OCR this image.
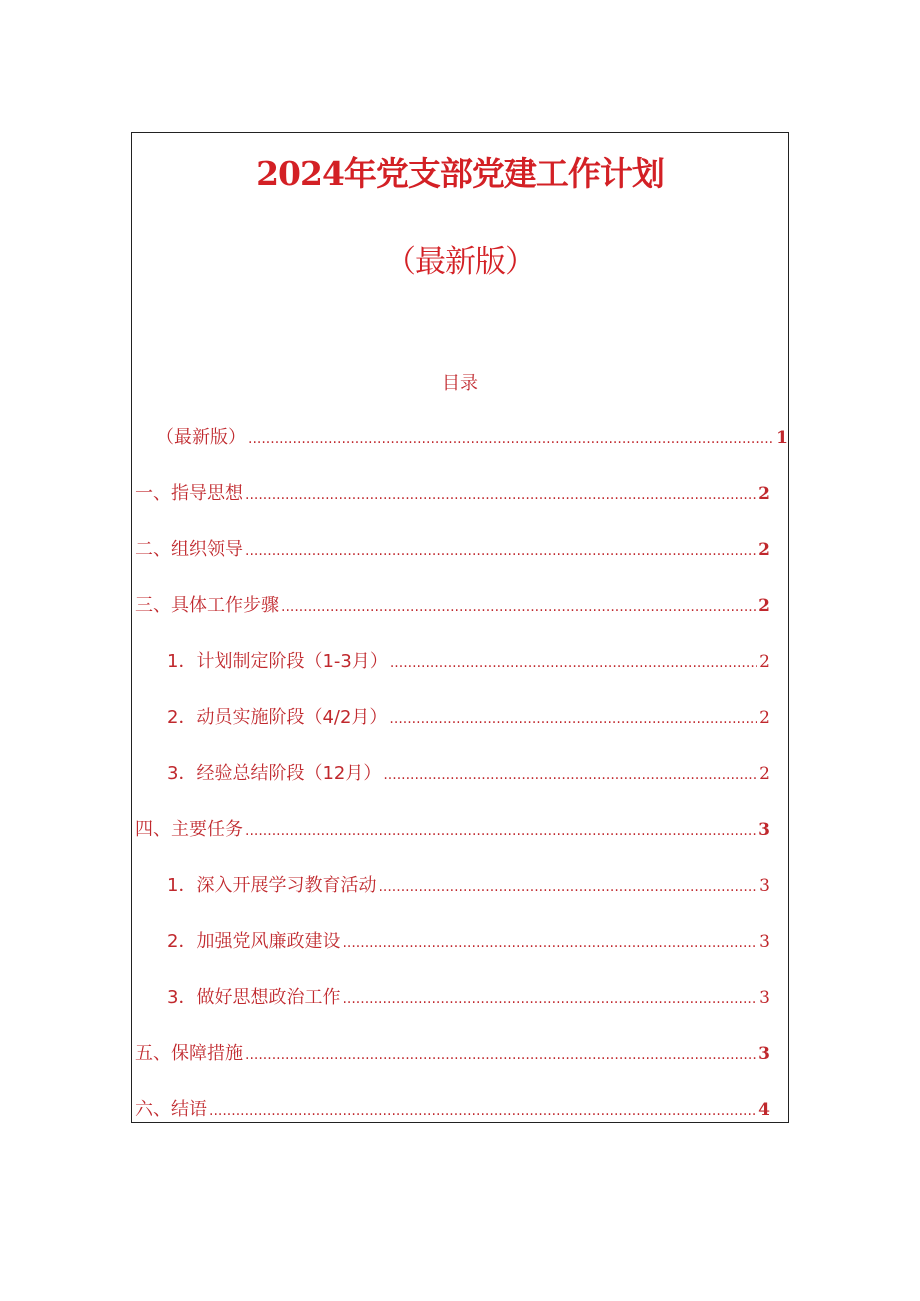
2024年党支部党建工作计划
（最新版）
目录
（最新版） .....	1
一、指导思想 .....	2
二、组织领导 .....	2
三、具体工作步骤 .....	2
1．计划制定阶段（1-3月） .....	2
2．动员实施阶段（4/2月） .....	2
3．经验总结阶段（12月） .....	2
四、主要任务 .....	3
1．深入开展学习教育活动 .....	3
2．加强党风廉政建设 .....	3
3．做好思想政治工作 .....	3
五、保障措施 .....	3
六、结语 .....	4
